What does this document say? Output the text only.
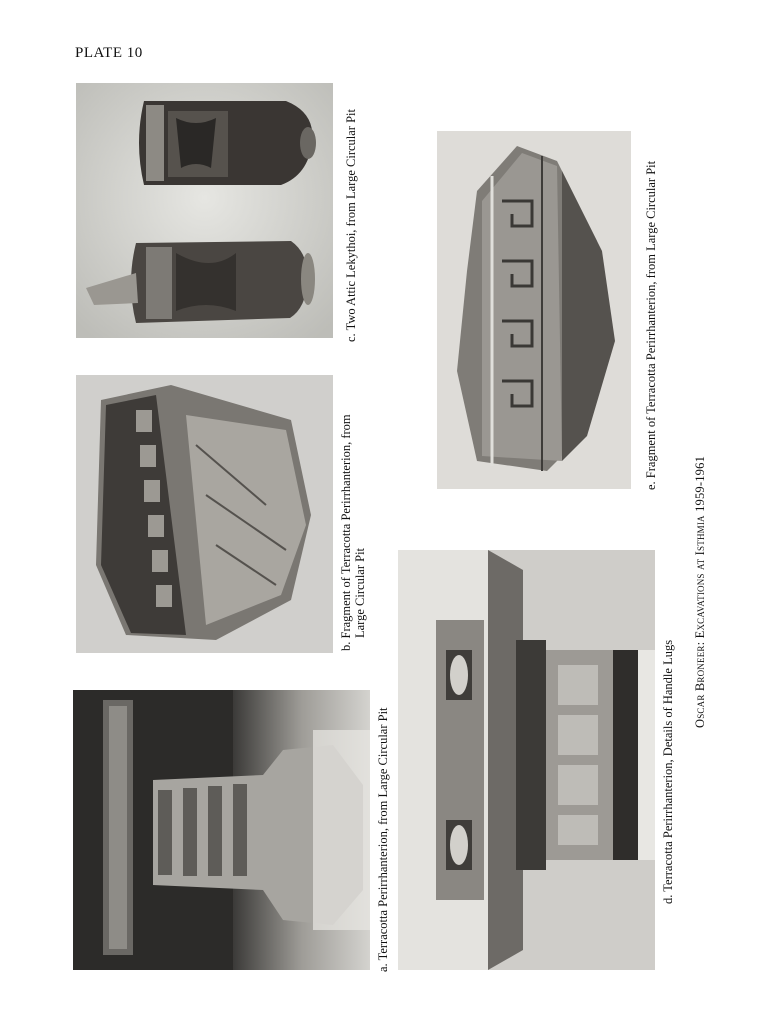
PLATE 10
c. Two Attic Lekythoi, from Large Circular Pit
b. Fragment of Terracotta Perirrhanterion, from Large Circular Pit
a. Terracotta Perirrhanterion, from Large Circular Pit
e. Fragment of Terracotta Perirrhanterion, from Large Circular Pit
d. Terracotta Perirrhanterion, Details of Handle Lugs Oscar Broneer: Excavations at Isthmia 1959-1961
